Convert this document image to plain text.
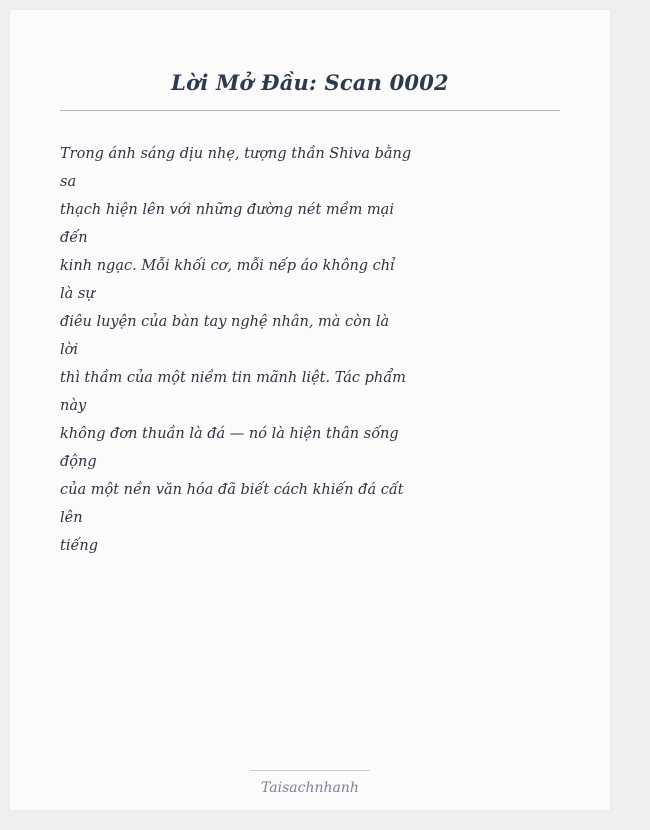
Lời Mở Đầu: Scan 0002
Trong ánh sáng dịu nhẹ, tượng thần Shiva bằng
sa
thạch hiện lên với những đường nét mềm mại
đến
kinh ngạc. Mỗi khối cơ, mỗi nếp áo không chỉ
là sự
điêu luyện của bàn tay nghệ nhân, mà còn là
lời
thì thầm của một niềm tin mãnh liệt. Tác phẩm
này
không đơn thuần là đá — nó là hiện thân sống
động
của một nền văn hóa đã biết cách khiến đá cất
lên
tiếng
Taisachnhanh
